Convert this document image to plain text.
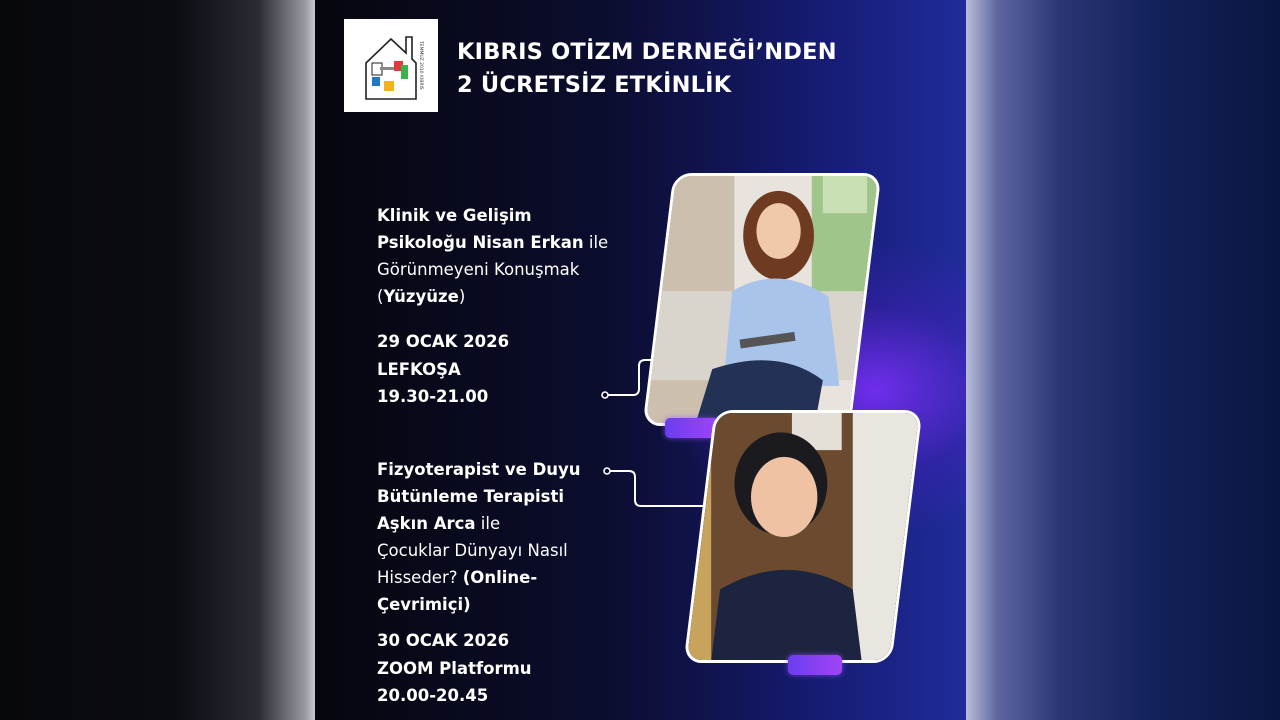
TEMMUZ 2010 KIBRIS KIBRIS OTİZM DERNEĞİ’NDEN
2 ÜCRETSİZ ETKİNLİK
Klinik ve Gelişim
Psikoloğu Nisan Erkan ile
Görünmeyeni Konuşmak
(Yüzyüze)
29 OCAK 2026
LEFKOŞA
19.30-21.00
Fizyoterapist ve Duyu
Bütünleme Terapisti
Aşkın Arca ile
Çocuklar Dünyayı Nasıl
Hisseder? (Online-
Çevrimiçi)
30 OCAK 2026
ZOOM Platformu
20.00-20.45
